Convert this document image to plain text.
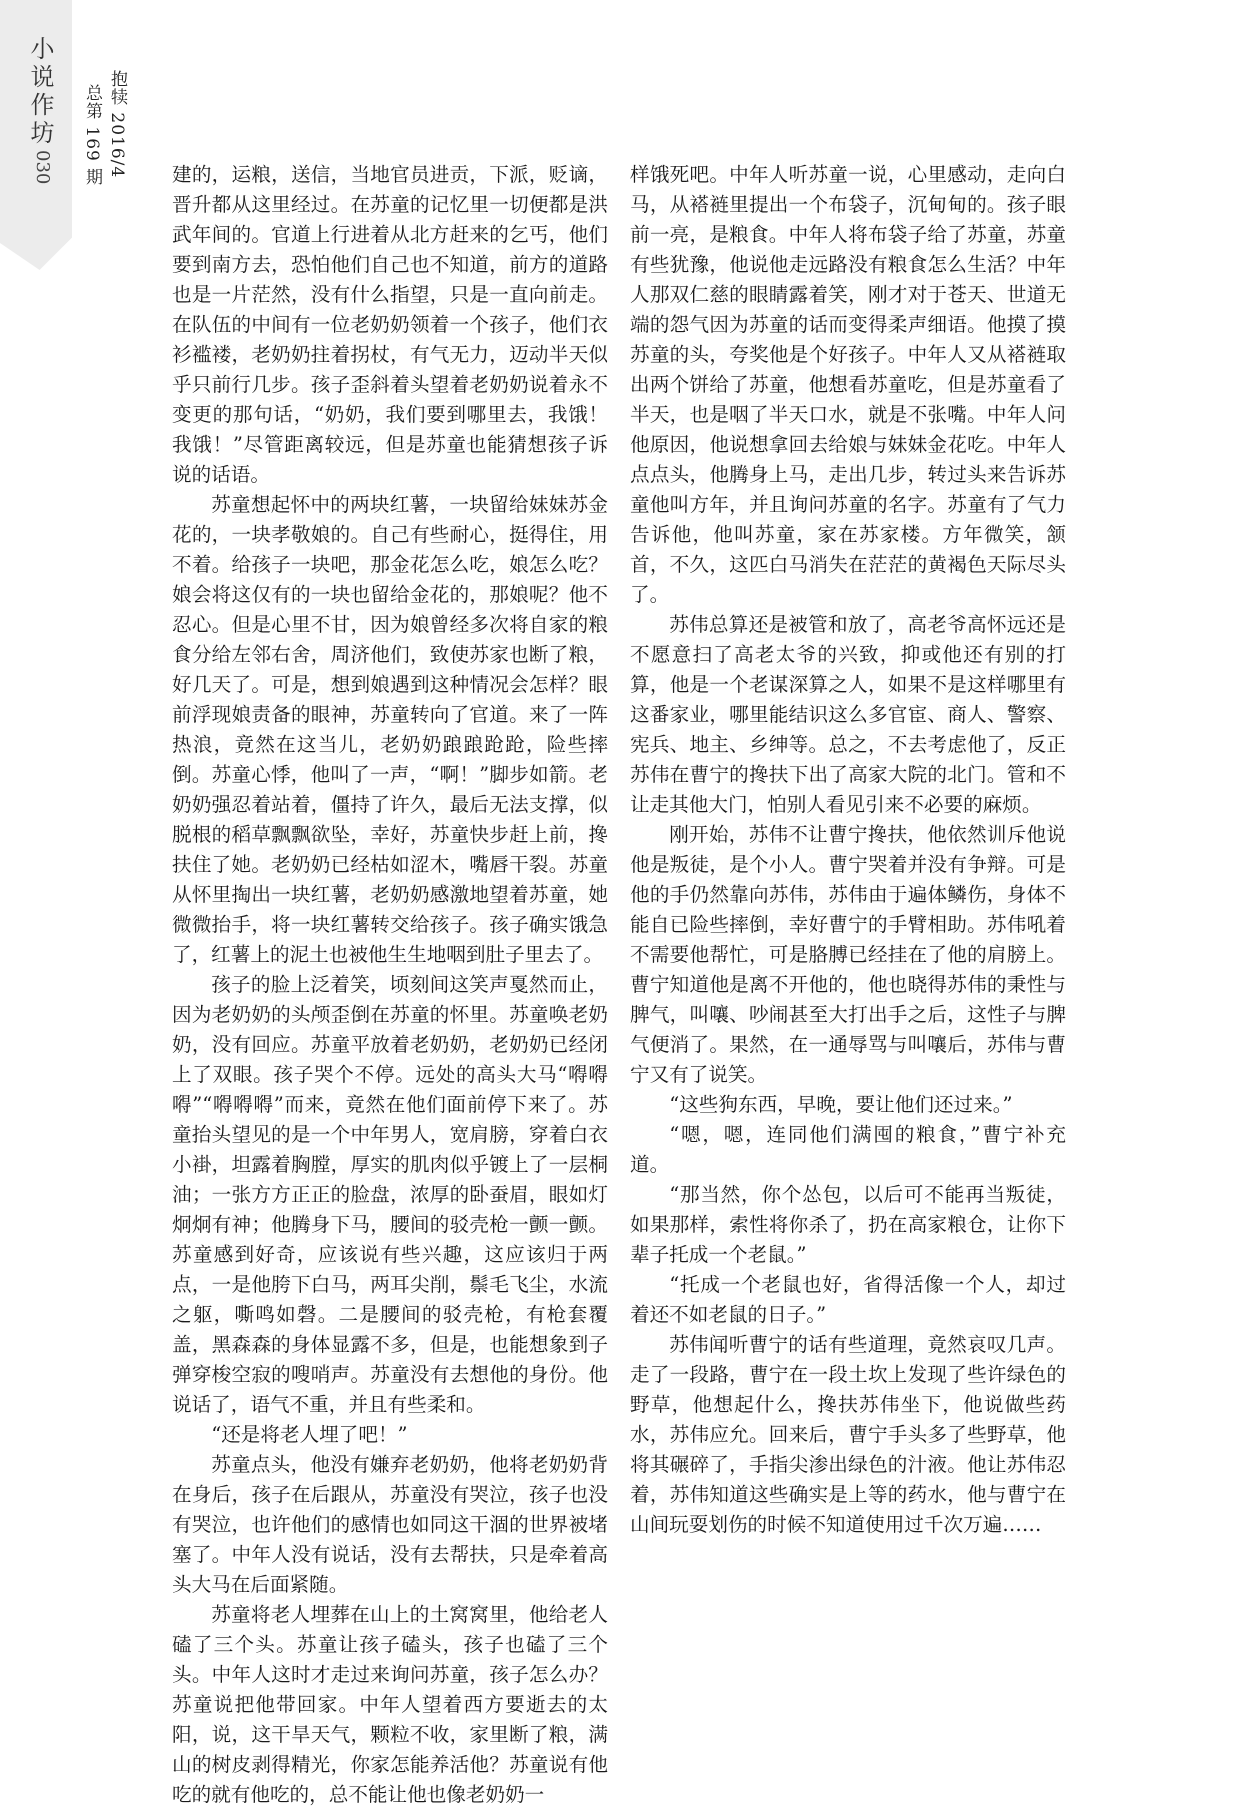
小说作坊
030	抱犊 2016/4
总第 169 期	建的，运粮，送信，当地官员进贡，下派，贬谪，晋升都从这里经过。在苏童的记忆里一切便都是洪武年间的。官道上行进着从北方赶来的乞丐，他们要到南方去，恐怕他们自己也不知道，前方的道路也是一片茫然，没有什么指望，只是一直向前走。在队伍的中间有一位老奶奶领着一个孩子，他们衣衫褴褛，老奶奶拄着拐杖，有气无力，迈动半天似乎只前行几步。孩子歪斜着头望着老奶奶说着永不变更的那句话，“奶奶，我们要到哪里去，我饿！我饿！”尽管距离较远，但是苏童也能猜想孩子诉说的话语。

苏童想起怀中的两块红薯，一块留给妹妹苏金花的，一块孝敬娘的。自己有些耐心，挺得住，用不着。给孩子一块吧，那金花怎么吃，娘怎么吃？娘会将这仅有的一块也留给金花的，那娘呢？他不忍心。但是心里不甘，因为娘曾经多次将自家的粮食分给左邻右舍，周济他们，致使苏家也断了粮，好几天了。可是，想到娘遇到这种情况会怎样？眼前浮现娘责备的眼神，苏童转向了官道。来了一阵热浪，竟然在这当儿，老奶奶踉踉跄跄，险些摔倒。苏童心悸，他叫了一声，“啊！”脚步如箭。老奶奶强忍着站着，僵持了许久，最后无法支撑，似脱根的稻草飘飘欲坠，幸好，苏童快步赶上前，搀扶住了她。老奶奶已经枯如涩木，嘴唇干裂。苏童从怀里掏出一块红薯，老奶奶感激地望着苏童，她微微抬手，将一块红薯转交给孩子。孩子确实饿急了，红薯上的泥土也被他生生地咽到肚子里去了。

孩子的脸上泛着笑，顷刻间这笑声戛然而止，因为老奶奶的头颅歪倒在苏童的怀里。苏童唤老奶奶，没有回应。苏童平放着老奶奶，老奶奶已经闭上了双眼。孩子哭个不停。远处的高头大马“嘚嘚嘚”“嘚嘚嘚”而来，竟然在他们面前停下来了。苏童抬头望见的是一个中年男人，宽肩膀，穿着白衣小褂，坦露着胸膛，厚实的肌肉似乎镀上了一层桐油；一张方方正正的脸盘，浓厚的卧蚕眉，眼如灯炯炯有神；他腾身下马，腰间的驳壳枪一颤一颤。苏童感到好奇，应该说有些兴趣，这应该归于两点，一是他胯下白马，两耳尖削，鬃毛飞尘，水流之躯，嘶鸣如磬。二是腰间的驳壳枪，有枪套覆盖，黑森森的身体显露不多，但是，也能想象到子弹穿梭空寂的嗖哨声。苏童没有去想他的身份。他说话了，语气不重，并且有些柔和。

“还是将老人埋了吧！”

苏童点头，他没有嫌弃老奶奶，他将老奶奶背在身后，孩子在后跟从，苏童没有哭泣，孩子也没有哭泣，也许他们的感情也如同这干涸的世界被堵塞了。中年人没有说话，没有去帮扶，只是牵着高头大马在后面紧随。

苏童将老人埋葬在山上的土窝窝里，他给老人磕了三个头。苏童让孩子磕头，孩子也磕了三个头。中年人这时才走过来询问苏童，孩子怎么办？苏童说把他带回家。中年人望着西方要逝去的太阳，说，这干旱天气，颗粒不收，家里断了粮，满山的树皮剥得精光，你家怎能养活他？苏童说有他吃的就有他吃的，总不能让他也像老奶奶一

样饿死吧。中年人听苏童一说，心里感动，走向白马，从褡裢里提出一个布袋子，沉甸甸的。孩子眼前一亮，是粮食。中年人将布袋子给了苏童，苏童有些犹豫，他说他走远路没有粮食怎么生活？中年人那双仁慈的眼睛露着笑，刚才对于苍天、世道无端的怨气因为苏童的话而变得柔声细语。他摸了摸苏童的头，夸奖他是个好孩子。中年人又从褡裢取出两个饼给了苏童，他想看苏童吃，但是苏童看了半天，也是咽了半天口水，就是不张嘴。中年人问他原因，他说想拿回去给娘与妹妹金花吃。中年人点点头，他腾身上马，走出几步，转过头来告诉苏童他叫方年，并且询问苏童的名字。苏童有了气力告诉他，他叫苏童，家在苏家楼。方年微笑，颔首，不久，这匹白马消失在茫茫的黄褐色天际尽头了。

苏伟总算还是被管和放了，高老爷高怀远还是不愿意扫了高老太爷的兴致，抑或他还有别的打算，他是一个老谋深算之人，如果不是这样哪里有这番家业，哪里能结识这么多官宦、商人、警察、宪兵、地主、乡绅等。总之，不去考虑他了，反正苏伟在曹宁的搀扶下出了高家大院的北门。管和不让走其他大门，怕别人看见引来不必要的麻烦。

刚开始，苏伟不让曹宁搀扶，他依然训斥他说他是叛徒，是个小人。曹宁哭着并没有争辩。可是他的手仍然靠向苏伟，苏伟由于遍体鳞伤，身体不能自已险些摔倒，幸好曹宁的手臂相助。苏伟吼着不需要他帮忙，可是胳膊已经挂在了他的肩膀上。曹宁知道他是离不开他的，他也晓得苏伟的秉性与脾气，叫嚷、吵闹甚至大打出手之后，这性子与脾气便消了。果然，在一通辱骂与叫嚷后，苏伟与曹宁又有了说笑。

“这些狗东西，早晚，要让他们还过来。”

“嗯，嗯，连同他们满囤的粮食，”曹宁补充道。

“那当然，你个怂包，以后可不能再当叛徒，如果那样，索性将你杀了，扔在高家粮仓，让你下辈子托成一个老鼠。”

“托成一个老鼠也好，省得活像一个人，却过着还不如老鼠的日子。”

苏伟闻听曹宁的话有些道理，竟然哀叹几声。走了一段路，曹宁在一段土坎上发现了些许绿色的野草，他想起什么，搀扶苏伟坐下，他说做些药水，苏伟应允。回来后，曹宁手头多了些野草，他将其碾碎了，手指尖渗出绿色的汁液。他让苏伟忍着，苏伟知道这些确实是上等的药水，他与曹宁在山间玩耍划伤的时候不知道使用过千次万遍……
